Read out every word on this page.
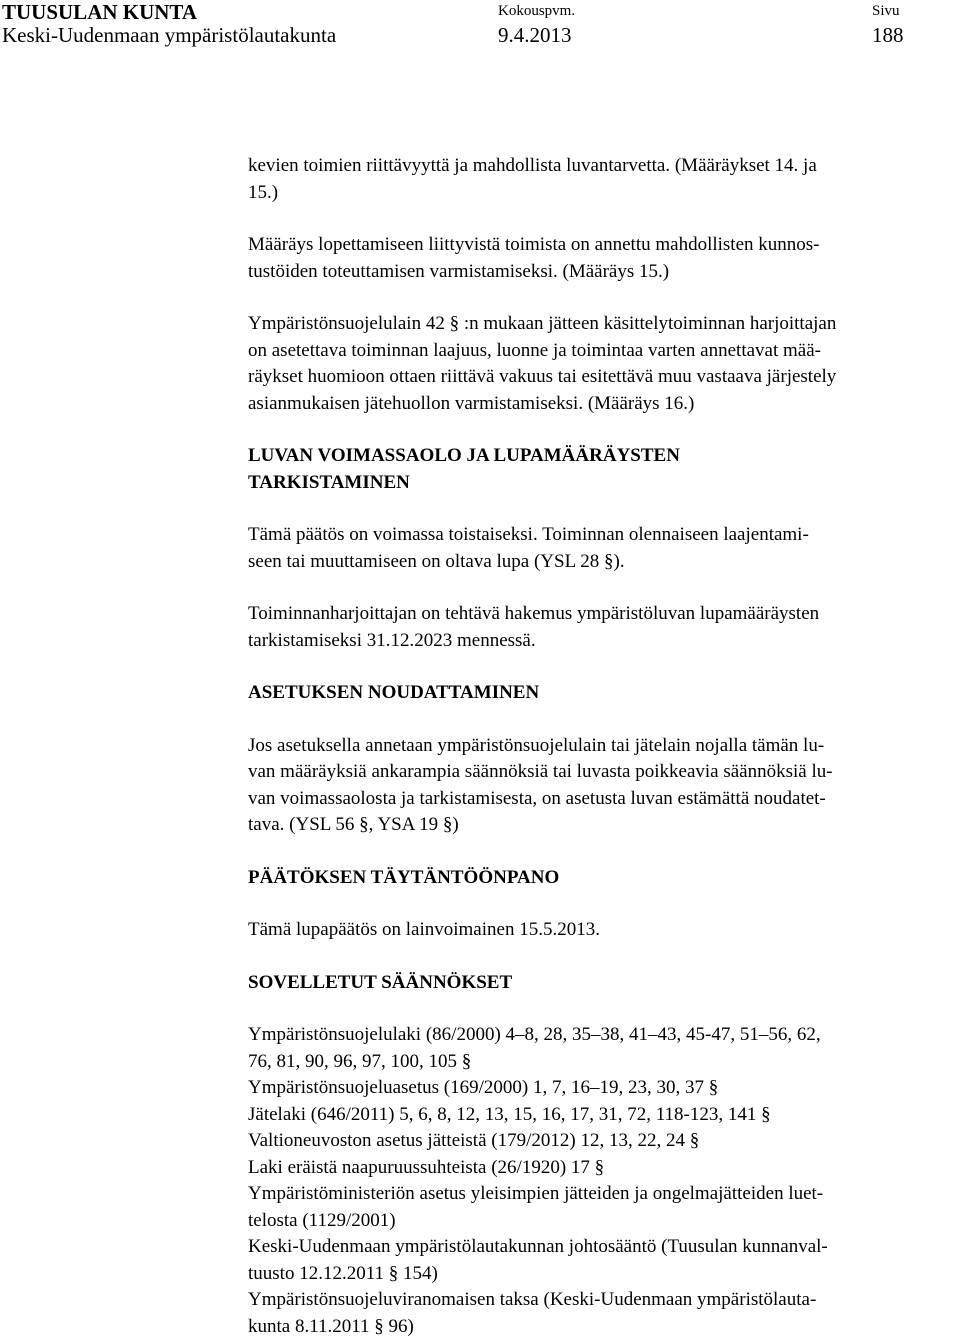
TUUSULAN KUNTA
Keski-Uudenmaan ympäristölautakunta
Kokouspvm.
9.4.2013
Sivu
188

kevien toimien riittävyyttä ja mahdollista luvantarvetta. (Määräykset 14. ja
15.)

Määräys lopettamiseen liittyvistä toimista on annettu mahdollisten kunnos-
tustöiden toteuttamisen varmistamiseksi. (Määräys 15.)

Ympäristönsuojelulain 42 § :n mukaan jätteen käsittelytoiminnan harjoittajan
on asetettava toiminnan laajuus, luonne ja toimintaa varten annettavat mää-
räykset huomioon ottaen riittävä vakuus tai esitettävä muu vastaava järjestely
asianmukaisen jätehuollon varmistamiseksi. (Määräys 16.)

LUVAN VOIMASSAOLO JA LUPAMÄÄRÄYSTEN
TARKISTAMINEN

Tämä päätös on voimassa toistaiseksi. Toiminnan olennaiseen laajentami-
seen tai muuttamiseen on oltava lupa (YSL 28 §).

Toiminnanharjoittajan on tehtävä hakemus ympäristöluvan lupamääräysten
tarkistamiseksi 31.12.2023 mennessä.

ASETUKSEN NOUDATTAMINEN

Jos asetuksella annetaan ympäristönsuojelulain tai jätelain nojalla tämän lu-
van määräyksiä ankarampia säännöksiä tai luvasta poikkeavia säännöksiä lu-
van voimassaolosta ja tarkistamisesta, on asetusta luvan estämättä noudatet-
tava. (YSL 56 §, YSA 19 §)

PÄÄTÖKSEN TÄYTÄNTÖÖNPANO

Tämä lupapäätös on lainvoimainen 15.5.2013.

SOVELLETUT SÄÄNNÖKSET

Ympäristönsuojelulaki (86/2000) 4–8, 28, 35–38, 41–43, 45-47, 51–56, 62,
76, 81, 90, 96, 97, 100, 105 §
Ympäristönsuojeluasetus (169/2000) 1, 7, 16–19, 23, 30, 37 §
Jätelaki (646/2011) 5, 6, 8, 12, 13, 15, 16, 17, 31, 72, 118-123, 141 §
Valtioneuvoston asetus jätteistä (179/2012) 12, 13, 22, 24 §
Laki eräistä naapuruussuhteista (26/1920) 17 §
Ympäristöministeriön asetus yleisimpien jätteiden ja ongelmajätteiden luet-
telosta (1129/2001)
Keski-Uudenmaan ympäristölautakunnan johtosääntö (Tuusulan kunnanval-
tuusto 12.12.2011 § 154)
Ympäristönsuojeluviranomaisen taksa (Keski-Uudenmaan ympäristölauta-
kunta 8.11.2011 § 96)
